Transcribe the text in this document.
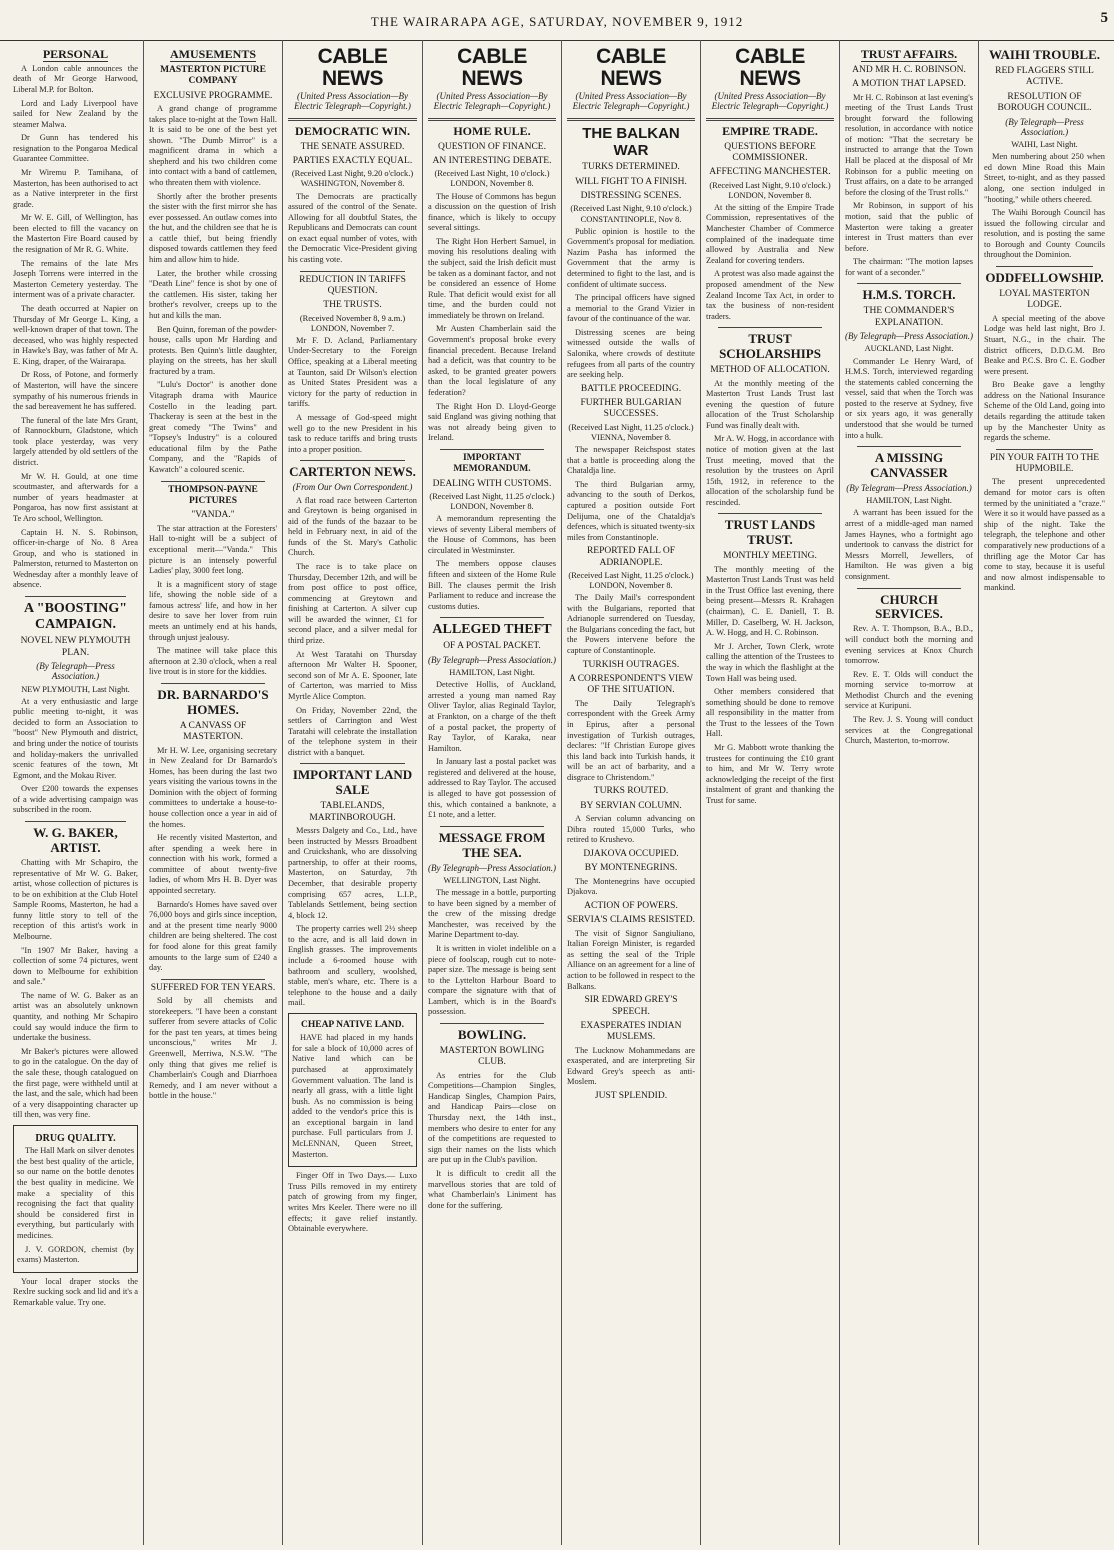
THE WAIRARAPA AGE, SATURDAY, NOVEMBER 9, 1912	5
PERSONAL

A London cable announces the death of Mr George Harwood, Liberal M.P. for Bolton.

Lord and Lady Liverpool have sailed for New Zealand by the steamer Malwa.

Dr Gunn has tendered his resignation to the Pongaroa Medical Guarantee Committee.

Mr Wiremu P. Tamihana, of Masterton, has been authorised to act as a Native interpreter in the first grade.

Mr W. E. Gill, of Wellington, has been elected to fill the vacancy on the Masterton Fire Board caused by the resignation of Mr R. G. White.

The remains of the late Mrs Joseph Torrens were interred in the Masterton Cemetery yesterday. The interment was of a private character.

The death occurred at Napier on Thursday of Mr George L. King, a well-known draper of that town. The deceased, who was highly respected in Hawke's Bay, was father of Mr A. E. King, draper, of the Wairarapa.

Dr Ross, of Potone, and formerly of Masterton, will have the sincere sympathy of his numerous friends in the sad bereavement he has suffered.

The funeral of the late Mrs Grant, of Rannockburn, Gladstone, which took place yesterday, was very largely attended by old settlers of the district.

Mr W. H. Gould, at one time scoutmaster, and afterwards for a number of years headmaster at Pongaroa, has now first assistant at Te Aro school, Wellington.

Captain H. N. S. Robinson, officer-in-charge of No. 8 Area Group, and who is stationed in Palmerston, returned to Masterton on Wednesday after a monthly leave of absence.

A "BOOSTING" CAMPAIGN.
NOVEL NEW PLYMOUTH PLAN.
(By Telegraph—Press Association.)

NEW PLYMOUTH, Last Night.

At a very enthusiastic and large public meeting to-night, it was decided to form an Association to "boost" New Plymouth and district, and bring under the notice of tourists and holiday-makers the unrivalled scenic features of the town, Mt Egmont, and the Mokau River.

Over £200 towards the expenses of a wide advertising campaign was subscribed in the room.

W. G. BAKER, ARTIST.

Chatting with Mr Schapiro, the representative of Mr W. G. Baker, artist, whose collection of pictures is to be on exhibition at the Club Hotel Sample Rooms, Masterton, he had a funny little story to tell of the reception of this artist's work in Melbourne.

"In 1907 Mr Baker, having a collection of some 74 pictures, went down to Melbourne for exhibition and sale."

The name of W. G. Baker as an artist was an absolutely unknown quantity, and nothing Mr Schapiro could say would induce the firm to undertake the business.

Mr Baker's pictures were allowed to go in the catalogue. On the day of the sale these, though catalogued on the first page, were withheld until at the last, and the sale, which had been of a very disappointing character up till then, was very fine.

DRUG QUALITY.

The Hall Mark on silver denotes the best best quality of the article, so our name on the bottle denotes the best quality in medicine. We make a speciality of this recognising the fact that quality should be considered first in everything, but particularly with medicines.

J. V. GORDON, chemist (by exams) Masterton.

Your local draper stocks the Rexlre sucking sock and lid and it's a Remarkable value. Try one.

AMUSEMENTS
MASTERTON PICTURE COMPANY
EXCLUSIVE PROGRAMME.

A grand change of programme takes place to-night at the Town Hall. It is said to be one of the best yet shown. "The Dumb Mirror" is a magnificent drama in which a shepherd and his two children come into contact with a band of cattlemen, who threaten them with violence.

Shortly after the brother presents the sister with the first mirror she has ever possessed. An outlaw comes into the hut, and the children see that he is a cattle thief, but being friendly disposed towards cattlemen they feed him and allow him to hide.

Later, the brother while crossing "Death Line" fence is shot by one of the cattlemen. His sister, taking her brother's revolver, creeps up to the hut and kills the man.

Ben Quinn, foreman of the powder-house, calls upon Mr Harding and protests. Ben Quinn's little daughter, playing on the streets, has her skull fractured by a tram.

"Lulu's Doctor" is another done Vitagraph drama with Maurice Costello in the leading part. Thackeray is seen at the best in the great comedy "The Twins" and "Topsey's Industry" is a coloured educational film by the Pathe Company, and the "Rapids of Kawatch" a coloured scenic.

THOMPSON-PAYNE PICTURES
"VANDA."

The star attraction at the Foresters' Hall to-night will be a subject of exceptional merit—"Vanda." This picture is an intensely powerful Ladies' play, 3000 feet long.

It is a magnificent story of stage life, showing the noble side of a famous actress' life, and how in her desire to save her lover from ruin meets an untimely end at his hands, through unjust jealousy.

The matinee will take place this afternoon at 2.30 o'clock, when a real live trout is in store for the kiddies.

DR. BARNARDO'S HOMES.
A CANVASS OF MASTERTON.

Mr H. W. Lee, organising secretary in New Zealand for Dr Barnardo's Homes, has been during the last two years visiting the various towns in the Dominion with the object of forming committees to undertake a house-to-house collection once a year in aid of the homes.

He recently visited Masterton, and after spending a week here in connection with his work, formed a committee of about twenty-five ladies, of whom Mrs H. B. Dyer was appointed secretary.

Barnardo's Homes have saved over 76,000 boys and girls since inception, and at the present time nearly 9000 children are being sheltered. The cost for food alone for this great family amounts to the large sum of £240 a day.

SUFFERED FOR TEN YEARS.

Sold by all chemists and storekeepers. "I have been a constant sufferer from severe attacks of Colic for the past ten years, at times being unconscious," writes Mr J. Greenwell, Merriwa, N.S.W. "The only thing that gives me relief is Chamberlain's Cough and Diarrhoea Remedy, and I am never without a bottle in the house."

CABLE NEWS
(United Press Association—By Electric Telegraph—Copyright.)
DEMOCRATIC WIN.
THE SENATE ASSURED.
PARTIES EXACTLY EQUAL.

(Received Last Night, 9.20 o'clock.) WASHINGTON, November 8.

The Democrats are practically assured of the control of the Senate. Allowing for all doubtful States, the Republicans and Democrats can count on exact equal number of votes, with the Democratic Vice-President giving his casting vote.

REDUCTION IN TARIFFS QUESTION.
THE TRUSTS.

(Received November 8, 9 a.m.) LONDON, November 7.

Mr F. D. Acland, Parliamentary Under-Secretary to the Foreign Office, speaking at a Liberal meeting at Taunton, said Dr Wilson's election as United States President was a victory for the party of reduction in tariffs.

A message of God-speed might well go to the new President in his task to reduce tariffs and bring trusts into a proper position.

CARTERTON NEWS.
(From Our Own Correspondent.)

A flat road race between Carterton and Greytown is being organised in aid of the funds of the bazaar to be held in February next, in aid of the funds of the St. Mary's Catholic Church.

The race is to take place on Thursday, December 12th, and will be from post office to post office, commencing at Greytown and finishing at Carterton. A silver cup will be awarded the winner, £1 for second place, and a silver medal for third prize.

At West Taratahi on Thursday afternoon Mr Walter H. Spooner, second son of Mr A. E. Spooner, late of Carterton, was married to Miss Myrtle Alice Compton.

On Friday, November 22nd, the settlers of Carrington and West Taratahi will celebrate the installation of the telephone system in their district with a banquet.

IMPORTANT LAND SALE
TABLELANDS, MARTINBOROUGH.

Messrs Dalgety and Co., Ltd., have been instructed by Messrs Broadbent and Cruickshank, who are dissolving partnership, to offer at their rooms, Masterton, on Saturday, 7th December, that desirable property comprising 657 acres, L.I.P., Tablelands Settlement, being section 4, block 12.

The property carries well 2½ sheep to the acre, and is all laid down in English grasses. The improvements include a 6-roomed house with bathroom and scullery, woolshed, stable, men's whare, etc. There is a telephone to the house and a daily mail.

CHEAP NATIVE LAND.

HAVE had placed in my hands for sale a block of 10,000 acres of Native land which can be purchased at approximately Government valuation. The land is nearly all grass, with a little light bush. As no commission is being added to the vendor's price this is an exceptional bargain in land purchase. Full particulars from J. McLENNAN, Queen Street, Masterton.

Finger Off in Two Days.— Luxo Truss Pills removed in my entirety patch of growing from my finger, writes Mrs Keeler. There were no ill effects; it gave relief instantly. Obtainable everywhere.

CABLE NEWS
(United Press Association—By Electric Telegraph—Copyright.)
HOME RULE.
QUESTION OF FINANCE.
AN INTERESTING DEBATE.

(Received Last Night, 10 o'clock.) LONDON, November 8.

The House of Commons has begun a discussion on the question of Irish finance, which is likely to occupy several sittings.

The Right Hon Herbert Samuel, in moving his resolutions dealing with the subject, said the Irish deficit must be taken as a dominant factor, and not be considered an essence of Home Rule. That deficit would exist for all time, and the burden could not immediately be thrown on Ireland.

Mr Austen Chamberlain said the Government's proposal broke every financial precedent. Because Ireland had a deficit, was that country to be asked, to be granted greater powers than the local legislature of any federation?

The Right Hon D. Lloyd-George said England was giving nothing that was not already being given to Ireland.

IMPORTANT MEMORANDUM.
DEALING WITH CUSTOMS.

(Received Last Night, 11.25 o'clock.) LONDON, November 8.

A memorandum representing the views of seventy Liberal members of the House of Commons, has been circulated in Westminster.

The members oppose clauses fifteen and sixteen of the Home Rule Bill. The clauses permit the Irish Parliament to reduce and increase the customs duties.

ALLEGED THEFT
OF A POSTAL PACKET.
(By Telegraph—Press Association.)

HAMILTON, Last Night.

Detective Hollis, of Auckland, arrested a young man named Ray Oliver Taylor, alias Reginald Taylor, at Frankton, on a charge of the theft of a postal packet, the property of Ray Taylor, of Karaka, near Hamilton.

In January last a postal packet was registered and delivered at the house, addressed to Ray Taylor. The accused is alleged to have got possession of this, which contained a banknote, a £1 note, and a letter.

MESSAGE FROM THE SEA.
(By Telegraph—Press Association.)

WELLINGTON, Last Night.

The message in a bottle, purporting to have been signed by a member of the crew of the missing dredge Manchester, was received by the Marine Department to-day.

It is written in violet indelible on a piece of foolscap, rough cut to note-paper size. The message is being sent to the Lyttelton Harbour Board to compare the signature with that of Lambert, which is in the Board's possession.

BOWLING.
MASTERTON BOWLING CLUB.

As entries for the Club Competitions—Champion Singles, Handicap Singles, Champion Pairs, and Handicap Pairs—close on Thursday next, the 14th inst., members who desire to enter for any of the competitions are requested to sign their names on the lists which are put up in the Club's pavilion.

It is difficult to credit all the marvellous stories that are told of what Chamberlain's Liniment has done for the suffering.

CABLE NEWS
(United Press Association—By Electric Telegraph—Copyright.)
THE BALKAN WAR
TURKS DETERMINED.
WILL FIGHT TO A FINISH.
DISTRESSING SCENES.

(Received Last Night, 9.10 o'clock.) CONSTANTINOPLE, Nov 8.

Public opinion is hostile to the Government's proposal for mediation. Nazim Pasha has informed the Government that the army is determined to fight to the last, and is confident of ultimate success.

The principal officers have signed a memorial to the Grand Vizier in favour of the continuance of the war.

Distressing scenes are being witnessed outside the walls of Salonika, where crowds of destitute refugees from all parts of the country are seeking help.

BATTLE PROCEEDING.
FURTHER BULGARIAN SUCCESSES.

(Received Last Night, 11.25 o'clock.) VIENNA, November 8.

The newspaper Reichspost states that a battle is proceeding along the Chataldja line.

The third Bulgarian army, advancing to the south of Derkos, captured a position outside Fort Delijuma, one of the Chataldja's defences, which is situated twenty-six miles from Constantinople.

REPORTED FALL OF ADRIANOPLE.

(Received Last Night, 11.25 o'clock.) LONDON, November 8.

The Daily Mail's correspondent with the Bulgarians, reported that Adrianople surrendered on Tuesday, the Bulgarians conceding the fact, but the Powers intervene before the capture of Constantinople.

TURKISH OUTRAGES.
A CORRESPONDENT'S VIEW OF THE SITUATION.

The Daily Telegraph's correspondent with the Greek Army in Epirus, after a personal investigation of Turkish outrages, declares: "If Christian Europe gives this land back into Turkish hands, it will be an act of barbarity, and a disgrace to Christendom."

TURKS ROUTED.
BY SERVIAN COLUMN.

A Servian column advancing on Dibra routed 15,000 Turks, who retired to Krushevo.

DJAKOVA OCCUPIED.
BY MONTENEGRINS.

The Montenegrins have occupied Djakova.

ACTION OF POWERS.
SERVIA'S CLAIMS RESISTED.

The visit of Signor Sangiuliano, Italian Foreign Minister, is regarded as setting the seal of the Triple Alliance on an agreement for a line of action to be followed in respect to the Balkans.

SIR EDWARD GREY'S SPEECH.
EXASPERATES INDIAN MUSLEMS.

The Lucknow Mohammedans are exasperated, and are interpreting Sir Edward Grey's speech as anti-Moslem.

JUST SPLENDID.
CABLE NEWS
(United Press Association—By Electric Telegraph—Copyright.)
EMPIRE TRADE.
QUESTIONS BEFORE COMMISSIONER.
AFFECTING MANCHESTER.

(Received Last Night, 9.10 o'clock.) LONDON, November 8.

At the sitting of the Empire Trade Commission, representatives of the Manchester Chamber of Commerce complained of the inadequate time allowed by Australia and New Zealand for covering tenders.

A protest was also made against the proposed amendment of the New Zealand Income Tax Act, in order to tax the business of non-resident traders.

TRUST SCHOLARSHIPS
METHOD OF ALLOCATION.

At the monthly meeting of the Masterton Trust Lands Trust last evening the question of future allocation of the Trust Scholarship Fund was finally dealt with.

Mr A. W. Hogg, in accordance with notice of motion given at the last Trust meeting, moved that the resolution by the trustees on April 15th, 1912, in reference to the allocation of the scholarship fund be rescinded.

TRUST LANDS TRUST.
MONTHLY MEETING.

The monthly meeting of the Masterton Trust Lands Trust was held in the Trust Office last evening, there being present—Messrs R. Krahagen (chairman), C. E. Daniell, T. B. Miller, D. Caselberg, W. H. Jackson, A. W. Hogg, and H. C. Robinson.

Mr J. Archer, Town Clerk, wrote calling the attention of the Trustees to the way in which the flashlight at the Town Hall was being used.

Other members considered that something should be done to remove all responsibility in the matter from the Trust to the lessees of the Town Hall.

Mr G. Mabbott wrote thanking the trustees for continuing the £10 grant to him, and Mr W. Terry wrote acknowledging the receipt of the first instalment of grant and thanking the Trust for same.

TRUST AFFAIRS.
AND MR H. C. ROBINSON.
A MOTION THAT LAPSED.

Mr H. C. Robinson at last evening's meeting of the Trust Lands Trust brought forward the following resolution, in accordance with notice of motion: "That the secretary be instructed to arrange that the Town Hall be placed at the disposal of Mr Robinson for a public meeting on Trust affairs, on a date to be arranged before the closing of the Trust rolls."

Mr Robinson, in support of his motion, said that the public of Masterton were taking a greater interest in Trust matters than ever before.

The chairman: "The motion lapses for want of a seconder."

H.M.S. TORCH.
THE COMMANDER'S EXPLANATION.
(By Telegraph—Press Association.)

AUCKLAND, Last Night.

Commander Le Henry Ward, of H.M.S. Torch, interviewed regarding the statements cabled concerning the vessel, said that when the Torch was posted to the reserve at Sydney, five or six years ago, it was generally understood that she would be turned into a hulk.

A MISSING CANVASSER
(By Telegram—Press Association.)

HAMILTON, Last Night.

A warrant has been issued for the arrest of a middle-aged man named James Haynes, who a fortnight ago undertook to canvass the district for Messrs Morrell, Jewellers, of Hamilton. He was given a big consignment.

CHURCH SERVICES.

Rev. A. T. Thompson, B.A., B.D., will conduct both the morning and evening services at Knox Church tomorrow.

Rev. E. T. Olds will conduct the morning service to-morrow at Methodist Church and the evening service at Kuripuni.

The Rev. J. S. Young will conduct services at the Congregational Church, Masterton, to-morrow.

WAIHI TROUBLE.
RED FLAGGERS STILL ACTIVE.
RESOLUTION OF BOROUGH COUNCIL.
(By Telegraph—Press Association.)

WAIHI, Last Night.

Men numbering about 250 when ed down Mine Road this Main Street, to-night, and as they passed along, one section indulged in "hooting," while others cheered.

The Waihi Borough Council has issued the following circular and resolution, and is posting the same to Borough and County Councils throughout the Dominion.

ODDFELLOWSHIP.
LOYAL MASTERTON LODGE.

A special meeting of the above Lodge was held last night, Bro J. Stuart, N.G., in the chair. The district officers, D.D.G.M. Bro Beake and P.C.S. Bro C. E. Godber were present.

Bro Beake gave a lengthy address on the National Insurance Scheme of the Old Land, going into details regarding the attitude taken up by the Manchester Unity as regards the scheme.

PIN YOUR FAITH TO THE HUPMOBILE.

The present unprecedented demand for motor cars is often termed by the uninitiated a "craze." Were it so it would have passed as a ship of the night. Take the telegraph, the telephone and other comparatively new productions of a thrifling age the Motor Car has come to stay, because it is useful and now almost indispensable to mankind.
